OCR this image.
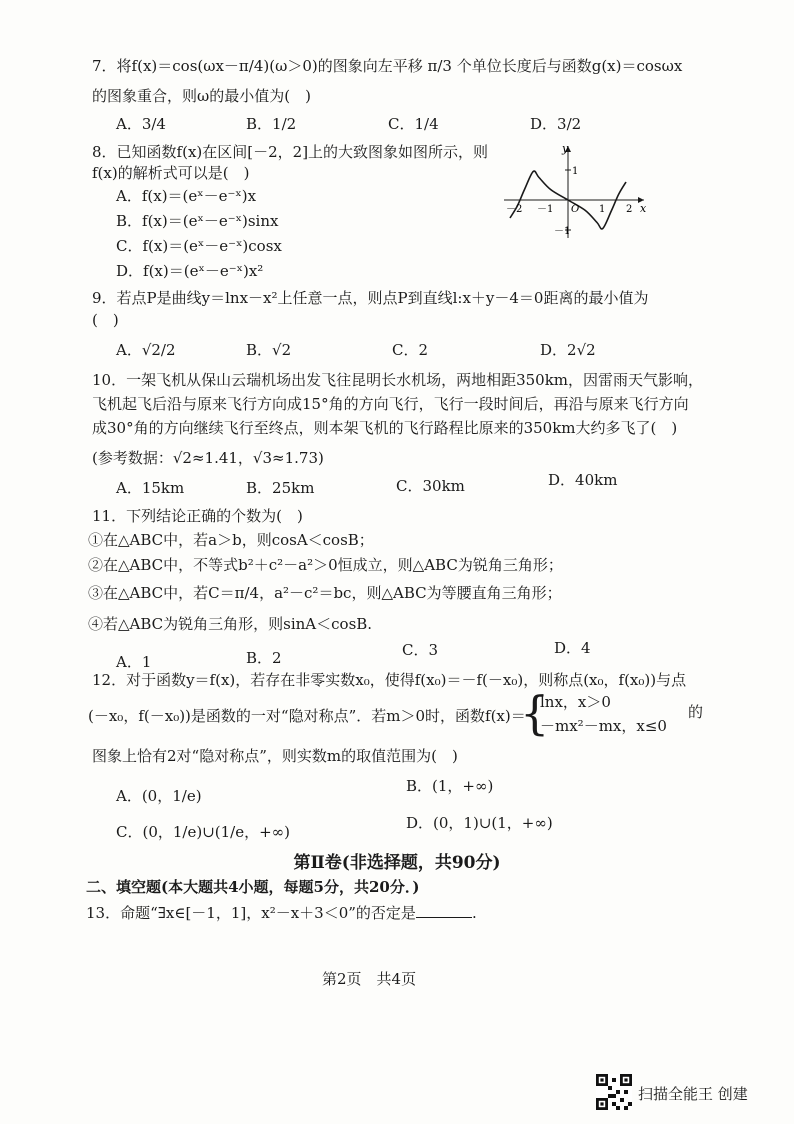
7．将f(x)＝cos(ωx－π/4)(ω＞0)的图象向左平移 π/3 个单位长度后与函数g(x)＝cosωx
的图象重合，则ω的最小值为(　)
A．3/4	B．1/2	C．1/4	D．3/2
8．已知函数f(x)在区间[－2，2]上的大致图象如图所示，则
f(x)的解析式可以是(　)
A．f(x)＝(eˣ－e⁻ˣ)x
B．f(x)＝(eˣ－e⁻ˣ)sinx
C．f(x)＝(eˣ－e⁻ˣ)cosx
D．f(x)＝(eˣ－e⁻ˣ)x²
y
x
－2 －1 O 1 2
1
－1
9．若点P是曲线y＝lnx－x²上任意一点，则点P到直线l:x＋y－4＝0距离的最小值为
(　)
A．√2/2	B．√2	C．2	D．2√2
10．一架飞机从保山云瑞机场出发飞往昆明长水机场，两地相距350km，因雷雨天气影响，
飞机起飞后沿与原来飞行方向成15°角的方向飞行，飞行一段时间后，再沿与原来飞行方向
成30°角的方向继续飞行至终点，则本架飞机的飞行路程比原来的350km大约多飞了(　)
(参考数据：√2≈1.41，√3≈1.73)
A．15km	B．25km	C．30km	D．40km
11．下列结论正确的个数为(　)
①在△ABC中，若a＞b，则cosA＜cosB；
②在△ABC中，不等式b²＋c²－a²＞0恒成立，则△ABC为锐角三角形；
③在△ABC中，若C＝π/4，a²－c²＝bc，则△ABC为等腰直角三角形；
④若△ABC为锐角三角形，则sinA＜cosB.
A．1	B．2	C．3	D．4
12．对于函数y＝f(x)，若存在非零实数x₀，使得f(x₀)＝－f(－x₀)，则称点(x₀，f(x₀))与点
(－x₀，f(－x₀))是函数的一对“隐对称点”．若m＞0时，函数f(x)＝
{
lnx，x＞0
－mx²－mx，x≤0
的
图象上恰有2对“隐对称点”，则实数m的取值范围为(　)
A．(0，1/e)
B．(1，+∞)
C．(0，1/e)∪(1/e，+∞)	D．(0，1)∪(1，+∞)
第Ⅱ卷(非选择题，共90分)
二、填空题(本大题共4小题，每题5分，共20分．)
13．命题“∃x∈[－1，1]，x²－x＋3＜0”的否定是	.
第2页　共4页
扫描全能王 创建
